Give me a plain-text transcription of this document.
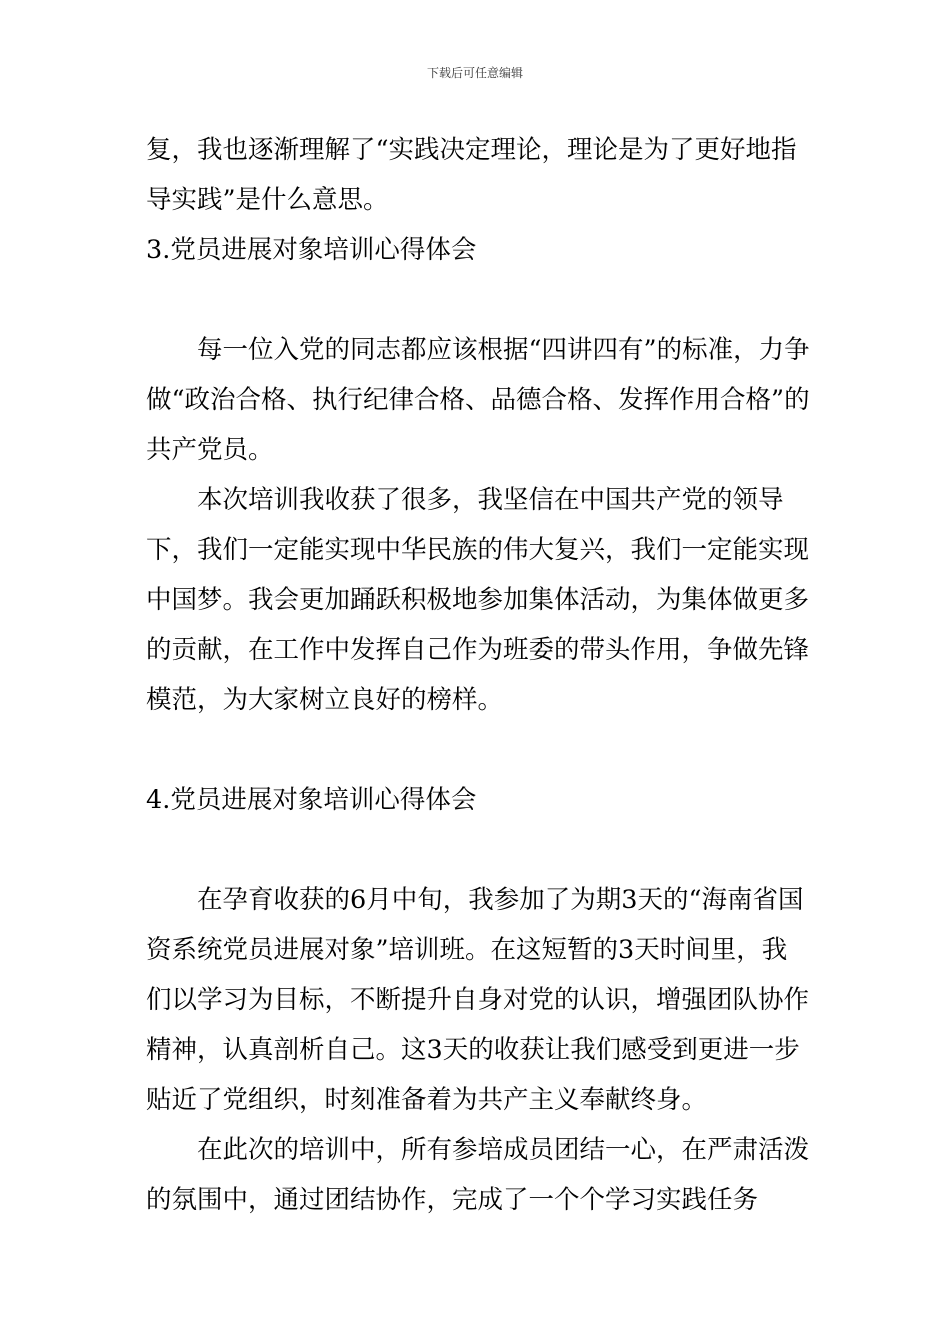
下载后可任意编辑

复，我也逐渐理解了“实践决定理论，理论是为了更好地指导实践”是什么意思。

3.党员进展对象培训心得体会

每一位入党的同志都应该根据“四讲四有”的标准，力争做“政治合格、执行纪律合格、品德合格、发挥作用合格”的共产党员。

本次培训我收获了很多，我坚信在中国共产党的领导下，我们一定能实现中华民族的伟大复兴，我们一定能实现中国梦。我会更加踊跃积极地参加集体活动，为集体做更多的贡献，在工作中发挥自己作为班委的带头作用，争做先锋模范，为大家树立良好的榜样。

4.党员进展对象培训心得体会

在孕育收获的6月中旬，我参加了为期3天的“海南省国资系统党员进展对象”培训班。在这短暂的3天时间里，我们以学习为目标，不断提升自身对党的认识，增强团队协作精神，认真剖析自己。这3天的收获让我们感受到更进一步贴近了党组织，时刻准备着为共产主义奉献终身。

在此次的培训中，所有参培成员团结一心，在严肃活泼的氛围中，通过团结协作，完成了一个个学习实践任务
